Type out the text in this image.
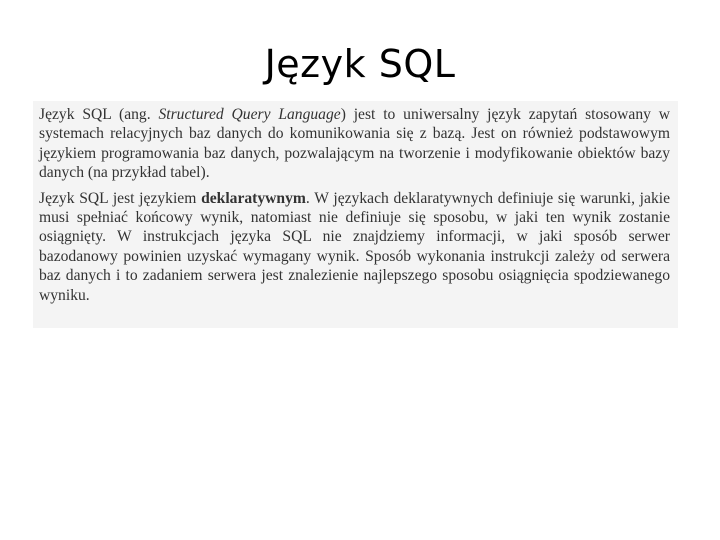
Język SQL

Język SQL (ang. Structured Query Language) jest to uniwersalny język zapytań stosowany w systemach relacyjnych baz danych do komunikowania się z bazą. Jest on również podstawowym językiem programowania baz danych, pozwalającym na tworzenie i modyfikowanie obiektów bazy danych (na przykład tabel).

Język SQL jest językiem deklaratywnym. W językach deklaratywnych definiuje się warunki, jakie musi spełniać końcowy wynik, natomiast nie definiuje się sposobu, w jaki ten wynik zostanie osiągnięty. W instrukcjach języka SQL nie znajdziemy informacji, w jaki sposób serwer bazodanowy powinien uzyskać wymagany wynik. Sposób wykonania instrukcji zależy od serwera baz danych i to zadaniem serwera jest znalezienie najlepszego sposobu osiągnięcia spodziewanego wyniku.
